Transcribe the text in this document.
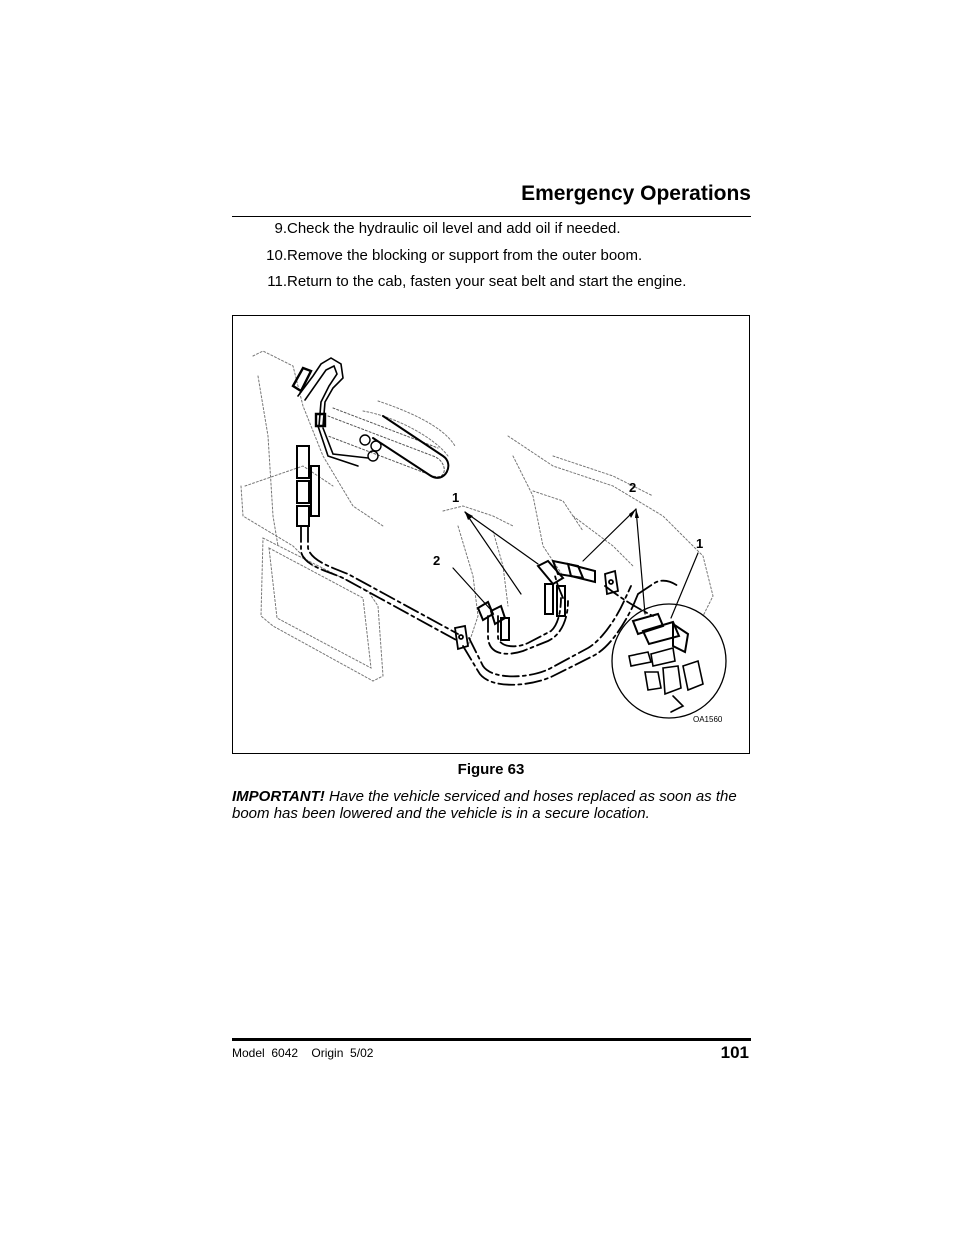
Emergency Operations
9. Check the hydraulic oil level and add oil if needed.
10. Remove the blocking or support from the outer boom.
11. Return to the cab, fasten your seat belt and start the engine.
1
2
2
1
OA1560
Figure 63

IMPORTANT! Have the vehicle serviced and hoses replaced as soon as the boom has been lowered and the vehicle is in a secure location.

Model  6042    Origin  5/02	101
